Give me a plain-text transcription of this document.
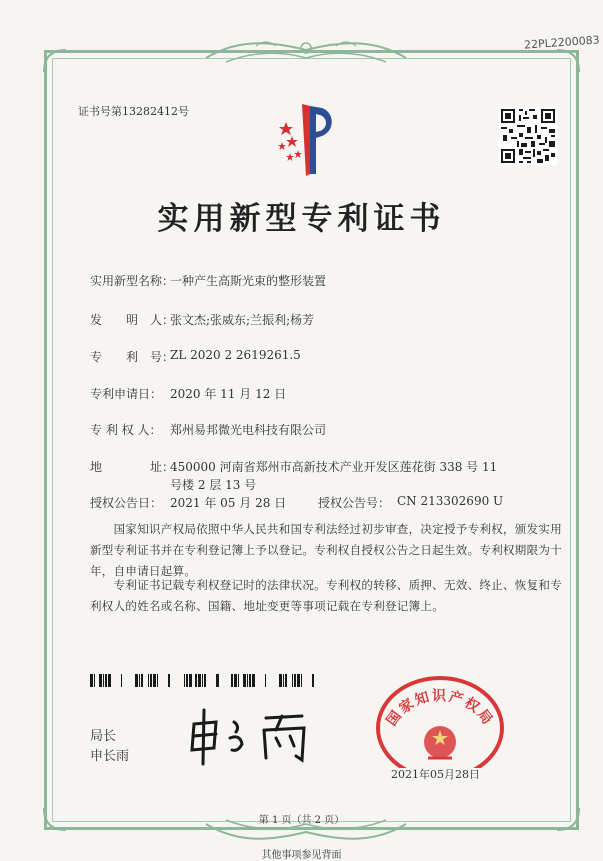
22PL2200083
证书号第13282412号
实用新型专利证书
实用新型名称：
一种产生高斯光束的整形装置
发　　明　人：
张文杰;张威东;兰振利;杨芳
专　　利　号：
ZL 2020 2 2619261.5
专利申请日： 2020 年 11 月 12 日
专 利 权 人： 郑州易邦微光电科技有限公司
地　　　　址：
450000 河南省郑州市高新技术产业开发区莲花街 338 号 11
号楼 2 层 13 号
授权公告日： 2021 年 05 月 28 日	授权公告号： CN 213302690 U
　　国家知识产权局依照中华人民共和国专利法经过初步审查，决定授予专利权，颁发实用
新型专利证书并在专利登记簿上予以登记。专利权自授权公告之日起生效。专利权期限为十
年，自申请日起算。
　　专利证书记载专利权登记时的法律状况。专利权的转移、质押、无效、终止、恢复和专
利权人的姓名或名称、国籍、地址变更等事项记载在专利登记簿上。
局长
申长雨
国家知识产权局
2021年05月28日
第 1 页（共 2 页）
其他事项参见背面
